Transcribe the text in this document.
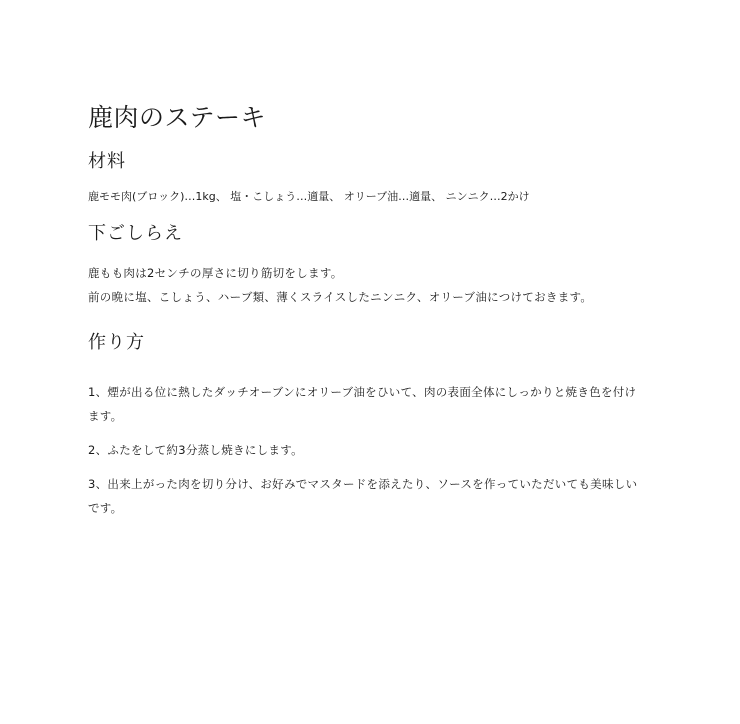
鹿肉のステーキ
材料

鹿モモ肉(ブロック)…1kg、 塩・こしょう…適量、 オリーブ油…適量、 ニンニク…2かけ

下ごしらえ

鹿もも肉は2センチの厚さに切り筋切をします。

前の晩に塩、こしょう、ハーブ類、薄くスライスしたニンニク、オリーブ油につけておきます。

作り方

1、煙が出る位に熱したダッチオーブンにオリーブ油をひいて、肉の表面全体にしっかりと焼き色を付けます。

2、ふたをして約3分蒸し焼きにします。

3、出来上がった肉を切り分け、お好みでマスタードを添えたり、ソースを作っていただいても美味しいです。
